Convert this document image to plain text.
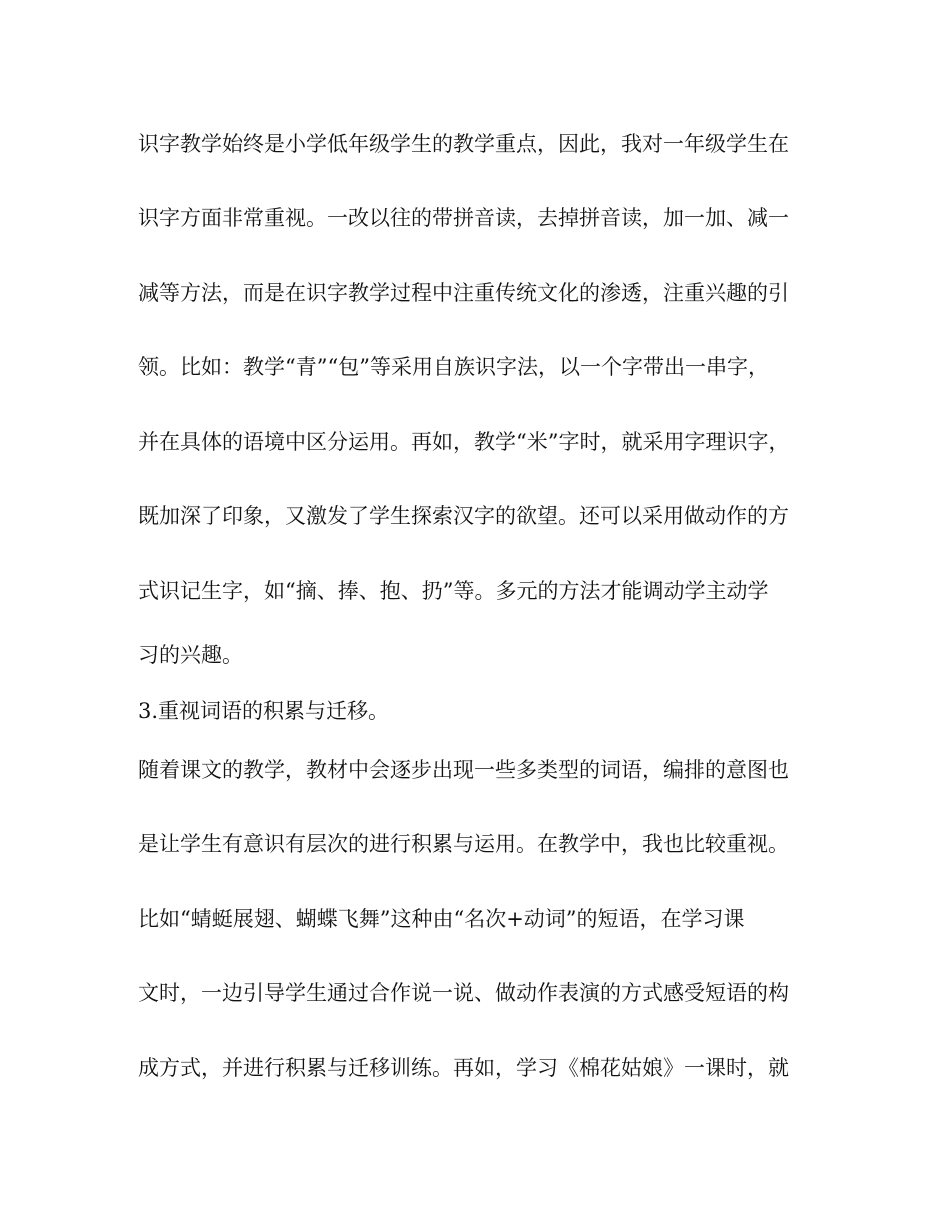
识字教学始终是小学低年级学生的教学重点，因此，我对一年级学生在
识字方面非常重视。一改以往的带拼音读，去掉拼音读，加一加、减一
减等方法，而是在识字教学过程中注重传统文化的渗透，注重兴趣的引
领。比如：教学“青”“包”等采用自族识字法，以一个字带出一串字，
并在具体的语境中区分运用。再如，教学“米”字时，就采用字理识字，
既加深了印象，又激发了学生探索汉字的欲望。还可以采用做动作的方
式识记生字，如“摘、捧、抱、扔”等。多元的方法才能调动学主动学
习的兴趣。
3.重视词语的积累与迁移。
随着课文的教学，教材中会逐步出现一些多类型的词语，编排的意图也
是让学生有意识有层次的进行积累与运用。在教学中，我也比较重视。
比如“蜻蜓展翅、蝴蝶飞舞”这种由“名次+动词”的短语，在学习课
文时，一边引导学生通过合作说一说、做动作表演的方式感受短语的构
成方式，并进行积累与迁移训练。再如，学习《棉花姑娘》一课时，就
